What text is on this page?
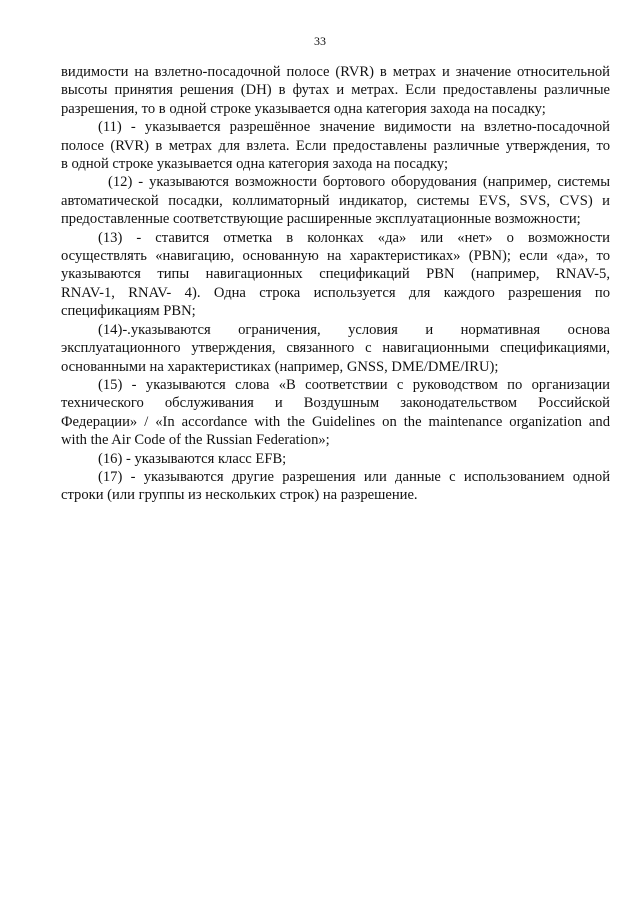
33
видимости на взлетно-посадочной полосе (RVR) в метрах и значение относительной
высоты принятия решения (DH) в футах и метрах. Если предоставлены различные
разрешения, то в одной строке указывается одна категория захода на посадку;
(11) - указывается разрешённое значение видимости на взлетно-посадочной
полосе (RVR) в метрах для взлета. Если предоставлены различные утверждения, то
в одной строке указывается одна категория захода на посадку;
(12) - указываются возможности бортового оборудования (например, системы
автоматической посадки, коллиматорный индикатор, системы EVS, SVS, CVS) и
предоставленные соответствующие расширенные эксплуатационные возможности;
(13) - ставится отметка в колонках «да» или «нет» о возможности
осуществлять «навигацию, основанную на характеристиках» (PBN); если «да», то
указываются типы навигационных спецификаций PBN (например, RNAV-5,
RNAV-1, RNAV- 4). Одна строка используется для каждого разрешения по
спецификациям PBN;
(14)-.указываются ограничения, условия и нормативная основа
эксплуатационного утверждения, связанного с навигационными спецификациями,
основанными на характеристиках (например, GNSS, DME/DME/IRU);
(15) - указываются слова «В соответствии с руководством по организации
технического обслуживания и Воздушным законодательством Российской
Федерации» / «In accordance with the Guidelines on the maintenance organization and
with the Air Code of the Russian Federation»;
(16) - указываются класс EFB;
(17) - указываются другие разрешения или данные с использованием одной
строки (или группы из нескольких строк) на разрешение.
